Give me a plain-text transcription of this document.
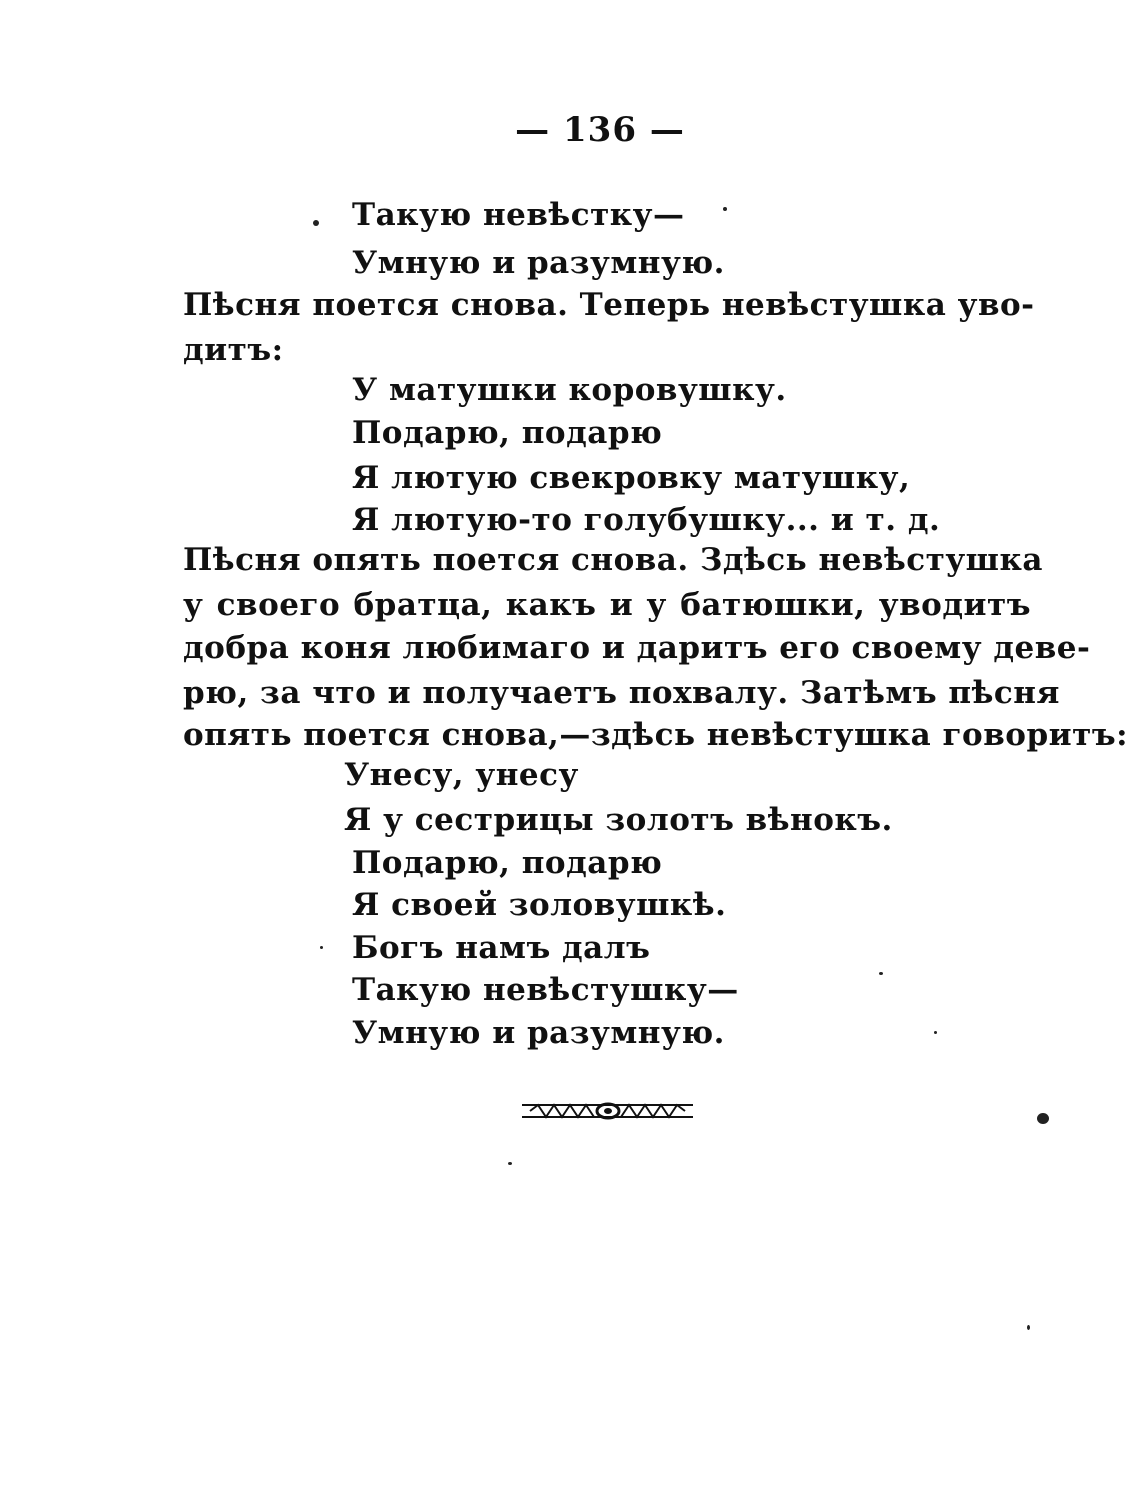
— 136 —
Такую невѣстку—
Умную и разумную.
Пѣсня поется снова. Теперь невѣстушка уво-
дитъ:
У матушки коровушку.
Подарю, подарю
Я лютую свекровку матушку,
Я лютую-то голубушку... и т. д.
Пѣсня опять поется снова. Здѣсь невѣстушка
у своего братца, какъ и у батюшки, уводитъ
добра коня любимаго и даритъ его своему деве-
рю, за что и получаетъ похвалу. Затѣмъ пѣсня
опять поется снова,—здѣсь невѣстушка говоритъ:
Унесу, унесу
Я у сестрицы золотъ вѣнокъ.
Подарю, подарю
Я своей золовушкѣ.
Богъ намъ далъ
Такую невѣстушку—
Умную и разумную.
